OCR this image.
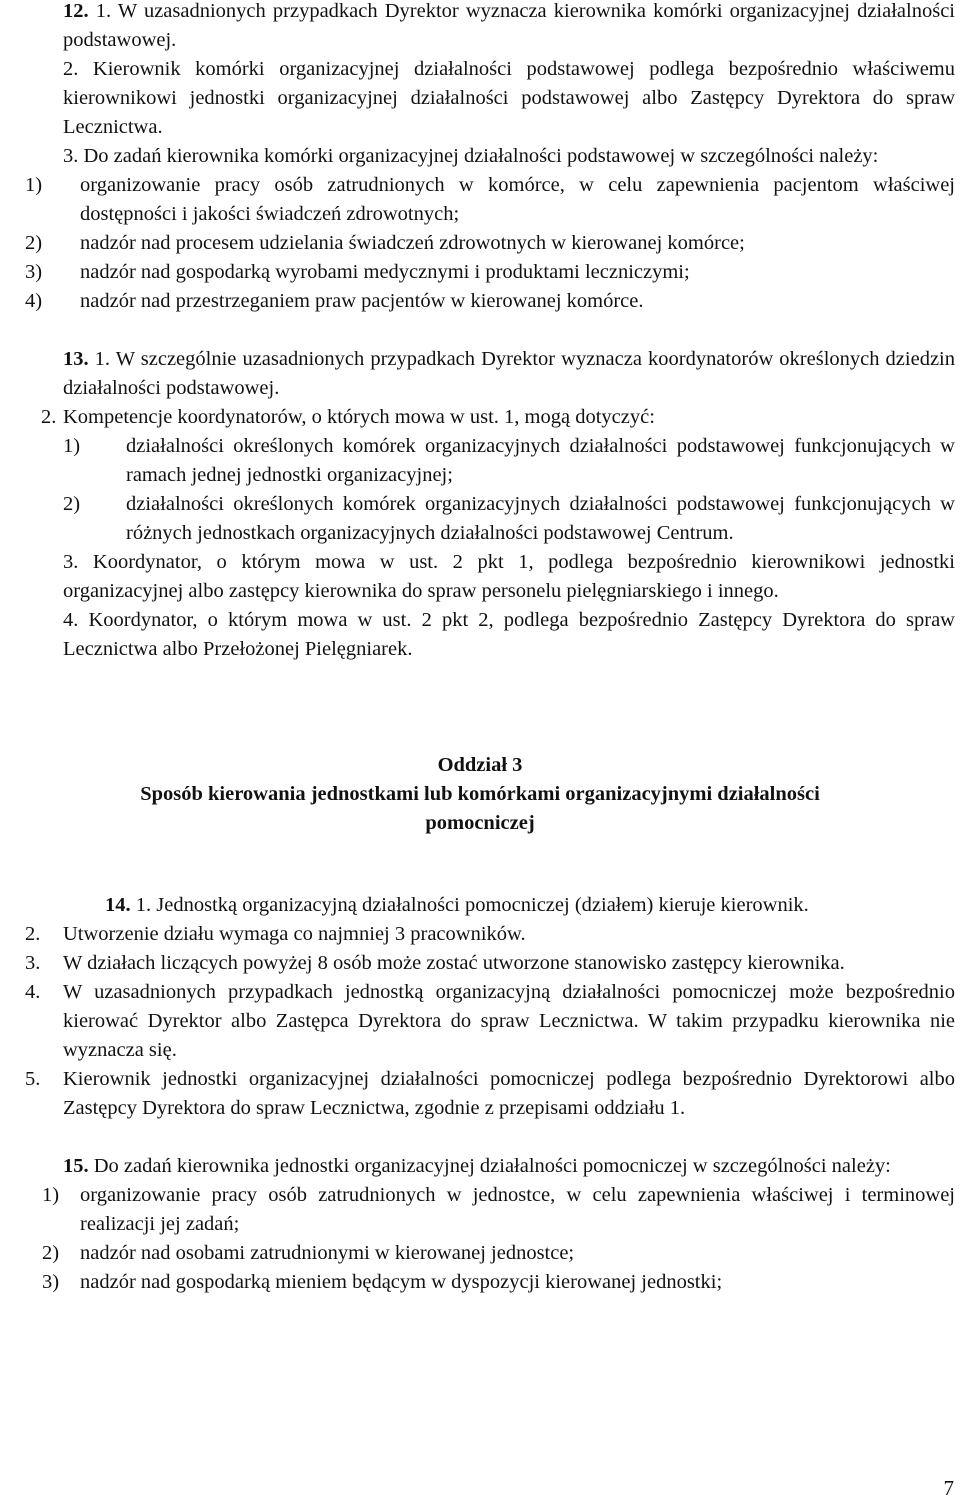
12. 1. W uzasadnionych przypadkach Dyrektor wyznacza kierownika komórki organizacyjnej działalności podstawowej.

2. Kierownik komórki organizacyjnej działalności podstawowej podlega bezpośrednio właściwemu kierownikowi jednostki organizacyjnej działalności podstawowej albo Zastępcy Dyrektora do spraw Lecznictwa.

3. Do zadań kierownika komórki organizacyjnej działalności podstawowej w szczególności należy:

1)	organizowanie pracy osób zatrudnionych w komórce, w celu zapewnienia pacjentom właściwej dostępności i jakości świadczeń zdrowotnych;
2)	nadzór nad procesem udzielania świadczeń zdrowotnych w kierowanej komórce;
3)	nadzór nad gospodarką wyrobami medycznymi i produktami leczniczymi;
4)	nadzór nad przestrzeganiem praw pacjentów w kierowanej komórce.

13. 1. W szczególnie uzasadnionych przypadkach Dyrektor wyznacza koordynatorów określonych dziedzin działalności podstawowej.

2. Kompetencje koordynatorów, o których mowa w ust. 1, mogą dotyczyć:
1)	działalności określonych komórek organizacyjnych działalności podstawowej funkcjonujących w ramach jednej jednostki organizacyjnej;
2)	działalności określonych komórek organizacyjnych działalności podstawowej funkcjonujących w różnych jednostkach organizacyjnych działalności podstawowej Centrum.

3. Koordynator, o którym mowa w ust. 2 pkt 1, podlega bezpośrednio kierownikowi jednostki organizacyjnej albo zastępcy kierownika do spraw personelu pielęgniarskiego i innego.

4. Koordynator, o którym mowa w ust. 2 pkt 2, podlega bezpośrednio Zastępcy Dyrektora do spraw Lecznictwa albo Przełożonej Pielęgniarek.

Oddział 3

Sposób kierowania jednostkami lub komórkami organizacyjnymi działalności

pomocniczej

14. 1. Jednostką organizacyjną działalności pomocniczej (działem) kieruje kierownik.

2.	Utworzenie działu wymaga co najmniej 3 pracowników.
3.	W działach liczących powyżej 8 osób może zostać utworzone stanowisko zastępcy kierownika.
4.	W uzasadnionych przypadkach jednostką organizacyjną działalności pomocniczej może bezpośrednio kierować Dyrektor albo Zastępca Dyrektora do spraw Lecznictwa. W takim przypadku kierownika nie wyznacza się.
5.	Kierownik jednostki organizacyjnej działalności pomocniczej podlega bezpośrednio Dyrektorowi albo Zastępcy Dyrektora do spraw Lecznictwa, zgodnie z przepisami oddziału 1.

15. Do zadań kierownika jednostki organizacyjnej działalności pomocniczej w szczególności należy:

1)	organizowanie pracy osób zatrudnionych w jednostce, w celu zapewnienia właściwej i terminowej realizacji jej zadań;
2)	nadzór nad osobami zatrudnionymi w kierowanej jednostce;
3)	nadzór nad gospodarką mieniem będącym w dyspozycji kierowanej jednostki;
7
